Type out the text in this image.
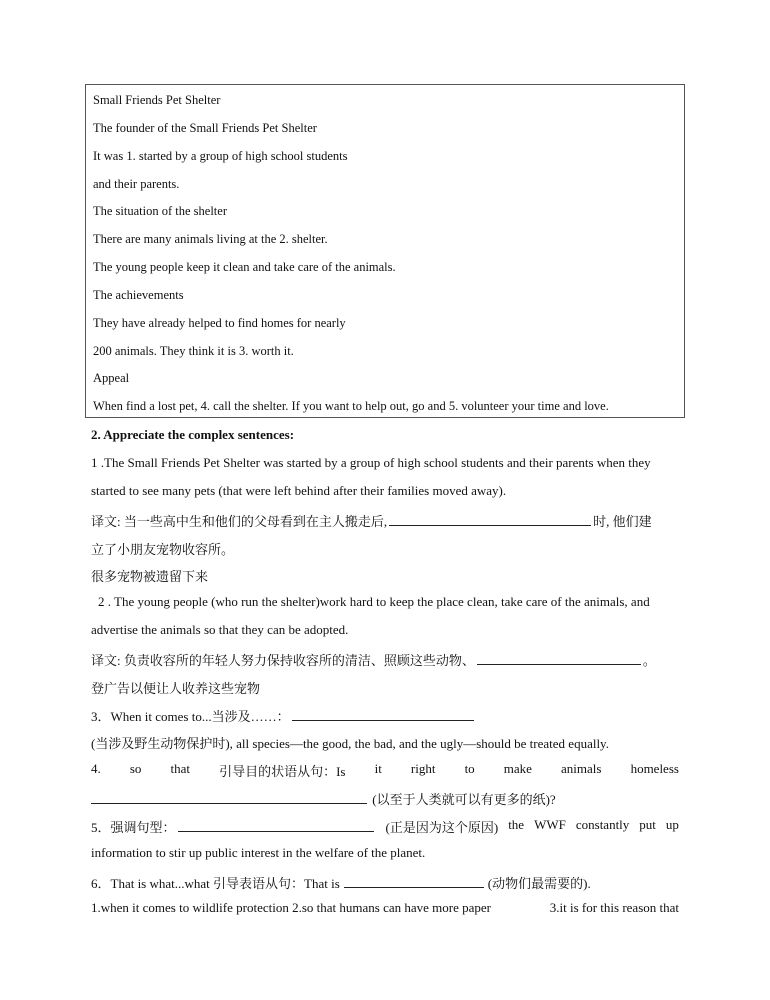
Small Friends Pet Shelter
The founder of the Small Friends Pet Shelter
It was 1. started by a group of high school students
and their parents.
The situation of the shelter
There are many animals living at the 2. shelter.
The young people keep it clean and take care of the animals.
The achievements
They have already helped to find homes for nearly
200 animals. They think it is 3. worth it.
Appeal
When find a lost pet, 4. call the shelter. If you want to help out, go and 5. volunteer your time and love.
2. Appreciate the complex sentences:
1 .The Small Friends Pet Shelter was started by a group of high school students and their parents when they
started to see many pets (that were left behind after their families moved away).
译文: 当一些高中生和他们的父母看到在主人搬走后,	时, 他们建
立了小朋友宠物收容所。
很多宠物被遗留下来
2 . The young people (who run the shelter)work hard to keep the place clean, take care of the animals, and
advertise the animals so that they can be adopted.
译文: 负责收容所的年轻人努力保持收容所的清洁、照顾这些动物、	。
登广告以便让人收养这些宠物
3．When it comes to...当涉及……：
(当涉及野生动物保护时), all species—the good, the bad, and the ugly—should be treated equally.
4. so that 引导目的状语从句：Is it right to make animals homeless
(以至于人类就可以有更多的纸)?
5．强调句型：	(正是因为这个原因) the WWF constantly put up
information to stir up public interest in the welfare of the planet.
6．That is what...what 引导表语从句：That is	(动物们最需要的).
1.when it comes to wildlife protection 2.so that humans can have more paper	3.it is for this reason that
